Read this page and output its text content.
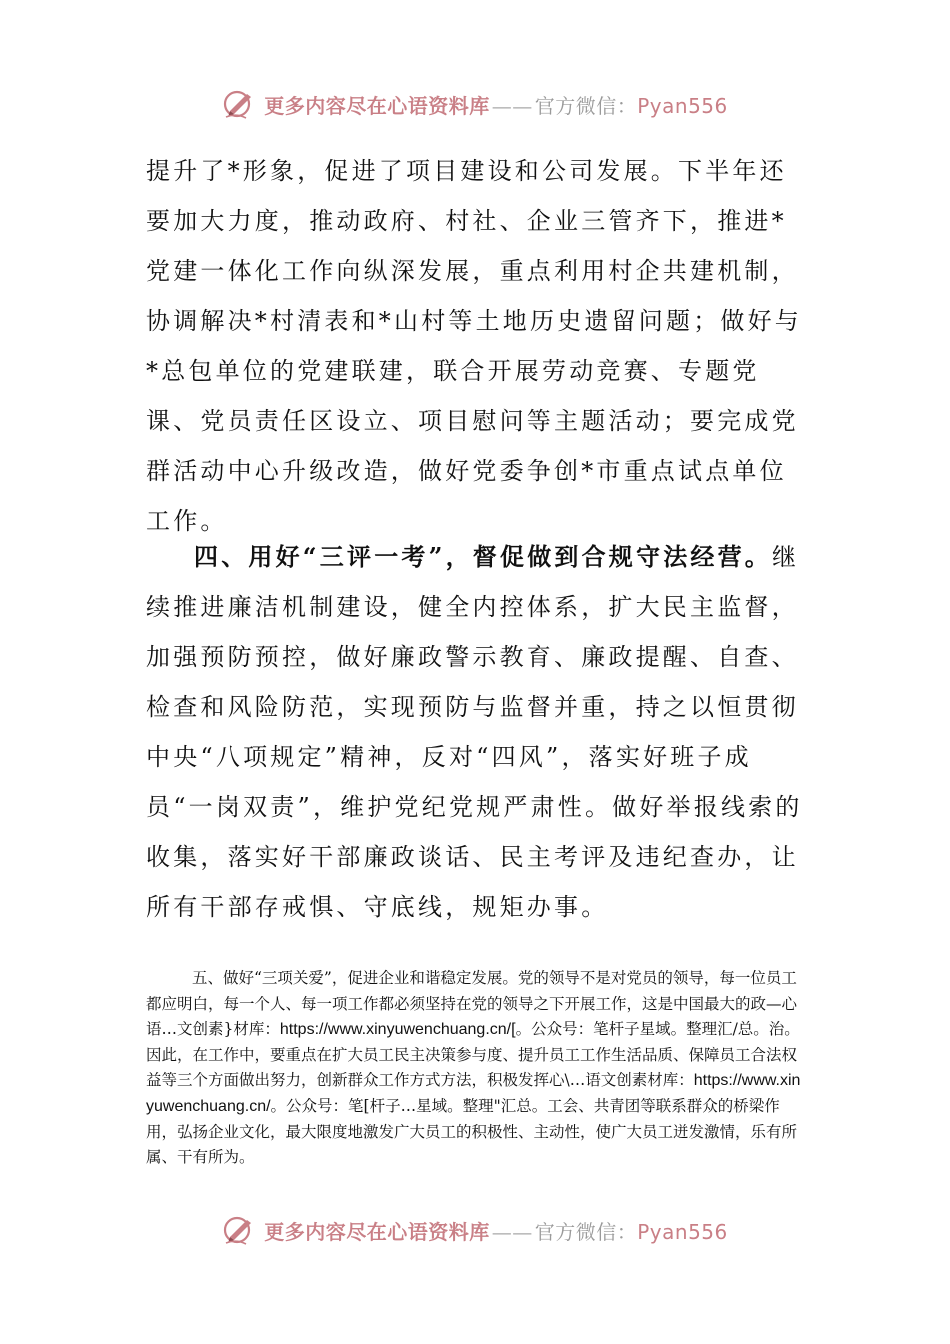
更多内容尽在心语资料库 —— 官方微信：Pyan556

提升了*形象，促进了项目建设和公司发展。下半年还要加大力度，推动政府、村社、企业三管齐下，推进*党建一体化工作向纵深发展，重点利用村企共建机制，协调解决*村清表和*山村等土地历史遗留问题；做好与*总包单位的党建联建，联合开展劳动竞赛、专题党课、党员责任区设立、项目慰问等主题活动；要完成党群活动中心升级改造，做好党委争创*市重点试点单位工作。

四、用好“三评一考”，督促做到合规守法经营。继续推进廉洁机制建设，健全内控体系，扩大民主监督，加强预防预控，做好廉政警示教育、廉政提醒、自查、检查和风险防范，实现预防与监督并重，持之以恒贯彻中央“八项规定”精神，反对“四风”，落实好班子成员“一岗双责”，维护党纪党规严肃性。做好举报线索的收集，落实好干部廉政谈话、民主考评及违纪查办，让所有干部存戒惧、守底线，规矩办事。

五、做好“三项关爱”，促进企业和谐稳定发展。党的领导不是对党员的领导，每一位员工都应明白，每一个人、每一项工作都必须坚持在党的领导之下开展工作，这是中国最大的政—心语…文创素}材库：https://www.xinyuwenchuang.cn/[。公众号：笔杆子星域。整理汇/总。治。因此，在工作中，要重点在扩大员工民主决策参与度、提升员工工作生活品质、保障员工合法权益等三个方面做出努力，创新群众工作方式方法，积极发挥心\…语文创素材库：https://www.xinyuwenchuang.cn/。公众号：笔[杆子…星域。整理"汇总。工会、共青团等联系群众的桥梁作用，弘扬企业文化，最大限度地激发广大员工的积极性、主动性，使广大员工迸发激情，乐有所属、干有所为。

更多内容尽在心语资料库 —— 官方微信：Pyan556
